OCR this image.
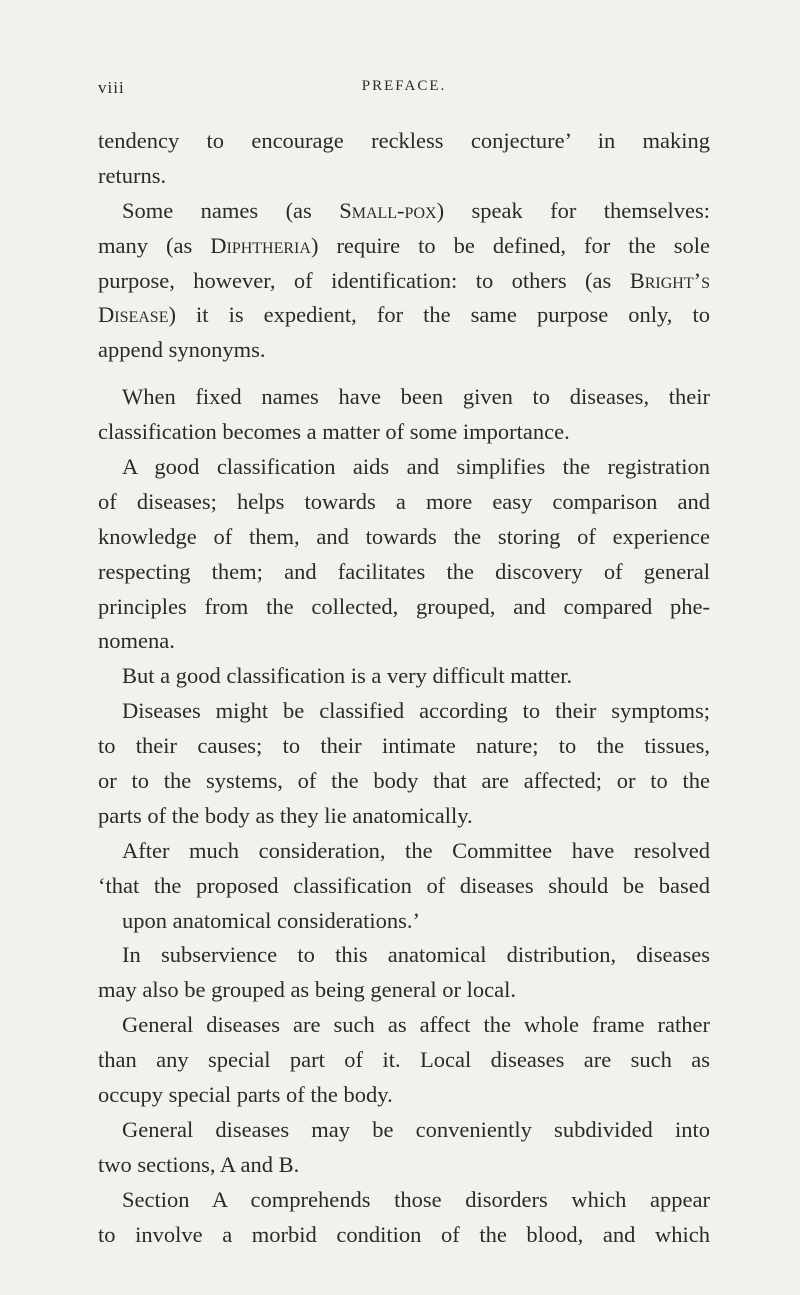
viii	PREFACE.
tendency to encourage reckless conjecture’ in making
returns.
Some names (as Small-pox) speak for themselves:
many (as Diphtheria) require to be defined, for the sole
purpose, however, of identification: to others (as Bright’s
Disease) it is expedient, for the same purpose only, to
append synonyms.
When fixed names have been given to diseases, their
classification becomes a matter of some importance.
A good classification aids and simplifies the registration
of diseases; helps towards a more easy comparison and
knowledge of them, and towards the storing of experience
respecting them; and facilitates the discovery of general
principles from the collected, grouped, and compared phe-
nomena.
But a good classification is a very difficult matter.
Diseases might be classified according to their symptoms;
to their causes; to their intimate nature; to the tissues,
or to the systems, of the body that are affected; or to the
parts of the body as they lie anatomically.
After much consideration, the Committee have resolved
‘that the proposed classification of diseases should be based
upon anatomical considerations.’
In subservience to this anatomical distribution, diseases
may also be grouped as being general or local.
General diseases are such as affect the whole frame rather
than any special part of it. Local diseases are such as
occupy special parts of the body.
General diseases may be conveniently subdivided into
two sections, A and B.
Section A comprehends those disorders which appear
to involve a morbid condition of the blood, and which
